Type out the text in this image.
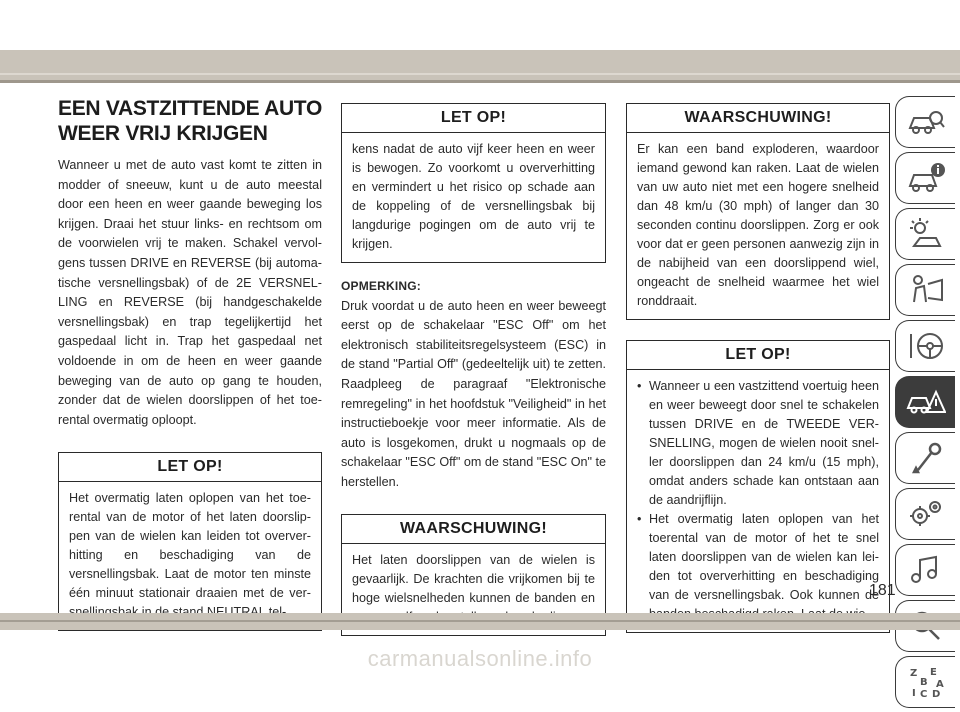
EEN VASTZITTENDE AUTO WEER VRIJ KRIJGEN

Wanneer u met de auto vast komt te zitten in modder of sneeuw, kunt u de auto meestal door een heen en weer gaande beweging los krijgen. Draai het stuur links- en rechtsom om de voorwielen vrij te maken. Schakel vervolgens tussen DRIVE en REVERSE (bij automatische versnellingsbak) of de 2E VERSNELLING en REVERSE (bij handgeschakelde versnellingsbak) en trap tegelijkertijd het gaspedaal licht in. Trap het gaspedaal net voldoende in om de heen en weer gaande beweging van de auto op gang te houden, zonder dat de wielen doorslippen of het toerental overmatig oploopt.

LET OP!
Het overmatig laten oplopen van het toerental van de motor of het laten doorslippen van de wielen kan leiden tot oververhitting en beschadiging van de versnellingsbak. Laat de motor ten minste één minuut stationair draaien met de ver
LET OP!
kens nadat de auto vijf keer heen en weer is bewogen. Zo voorkomt u oververhitting en vermindert u het risico op schade aan de koppeling of de versnellingsbak bij langdurige pogingen om de auto vrij te krijgen.
OPMERKING:

Druk voordat u de auto heen en weer beweegt eerst op de schakelaar "ESC Off" om het elektronisch stabiliteitsregelsysteem (ESC) in de stand "Partial Off" (gedeeltelijk uit) te zetten. Raadpleeg de paragraaf "Elektronische remregeling" in het hoofdstuk "Veiligheid" in het instructieboekje voor meer informatie. Als de auto is losgekomen, drukt u nogmaals op de schakelaar "ESC Off" om de stand "ESC On" te herstellen.

WAARSCHUWING!
Het laten doorslippen van de wielen is gevaarlijk. De krachten die vrijkomen bij te hoge wielsnelheden kunnen de banden en
WAARSCHUWING!
Er kan een band exploderen, waardoor iemand gewond kan raken. Laat de wielen van uw auto niet met een hogere snelheid dan 48 km/u (30 mph) of langer dan 30 seconden continu doorslippen. Zorg er ook voor dat er geen personen aanwezig zijn in de nabijheid van een doorslippend wiel, ongeacht de snelheid waarmee het wiel ronddraait.
LET OP!
• Wanneer u een vastzittend voertuig heen en weer beweegt door snel te schakelen tussen DRIVE en de TWEEDE VERSNELLING, mogen de wielen nooit sneller doorslippen dan 24 km/u (15 mph), omdat anders schade kan ontstaan aan de aandrijflijn.
• Het overmatig laten oplopen van het toerental van de motor of het te snel laten doorslippen van de wielen kan leiden tot oververhitting en beschadiging van de versnellingsbak. Ook kunnen de
Z E
B A
I C D
181
carmanualsonline.info
